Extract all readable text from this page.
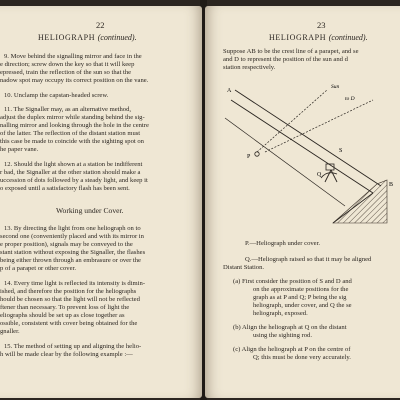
22
HELIOGRAPH (continued).
9. Move behind the signalling mirror and face in the
e direction; screw down the key so that it will keep
epressed, train the reflection of the sun so that the
nadow spot may occupy its correct position on the vane.
10. Unclamp the capstan-headed screw.
11. The Signaller may, as an alternative method,
adjust the duplex mirror while standing behind the sig-
nalling mirror and looking through the hole in the centre
of the latter. The reflection of the distant station must
this case be made to coincide with the sighting spot on
he paper vane.
12. Should the light shown at a station be indifferent
r bad, the Signaller at the other station should make a
uccession of dots followed by a steady light, and keep it
o exposed until a satisfactory flash has been sent.
Working under Cover.
13. By directing the light from one heliograph on to
second one (conveniently placed and with its mirror in
e proper position), signals may be conveyed to the
stant station without exposing the Signaller, the flashes
being either thrown through an embrasure or over the
p of a parapet or other cover.
14. Every time light is reflected its intensity is dimin-
ished, and therefore the position for the heliographs
hould be chosen so that the light will not be reflected
ftener than necessary. To prevent loss of light the
eliographs should be set up as close together as
ossible, consistent with cover being obtained for the
gnaller.
15. The method of setting up and aligning the helio-
h will be made clear by the following example :—
23
HELIOGRAPH (continued).
Suppose AB to be the crest line of a parapet, and se
and D to represent the position of the sun and d
station respectively.
A
B
P
Q
Sun
to D
S
P.—Heliograph under cover.
Q.—Heliograph raised so that it may be aligned
Distant Station.
(a) First consider the position of S and D and
on the approximate positions for the
graph as at P and Q; P being the sig
heliograph, under cover, and Q the se
heliograph, exposed.
(b) Align the heliograph at Q on the distant
using the sighting rod.
(c) Align the heliograph at P on the centre of
Q; this must be done very accurately.
